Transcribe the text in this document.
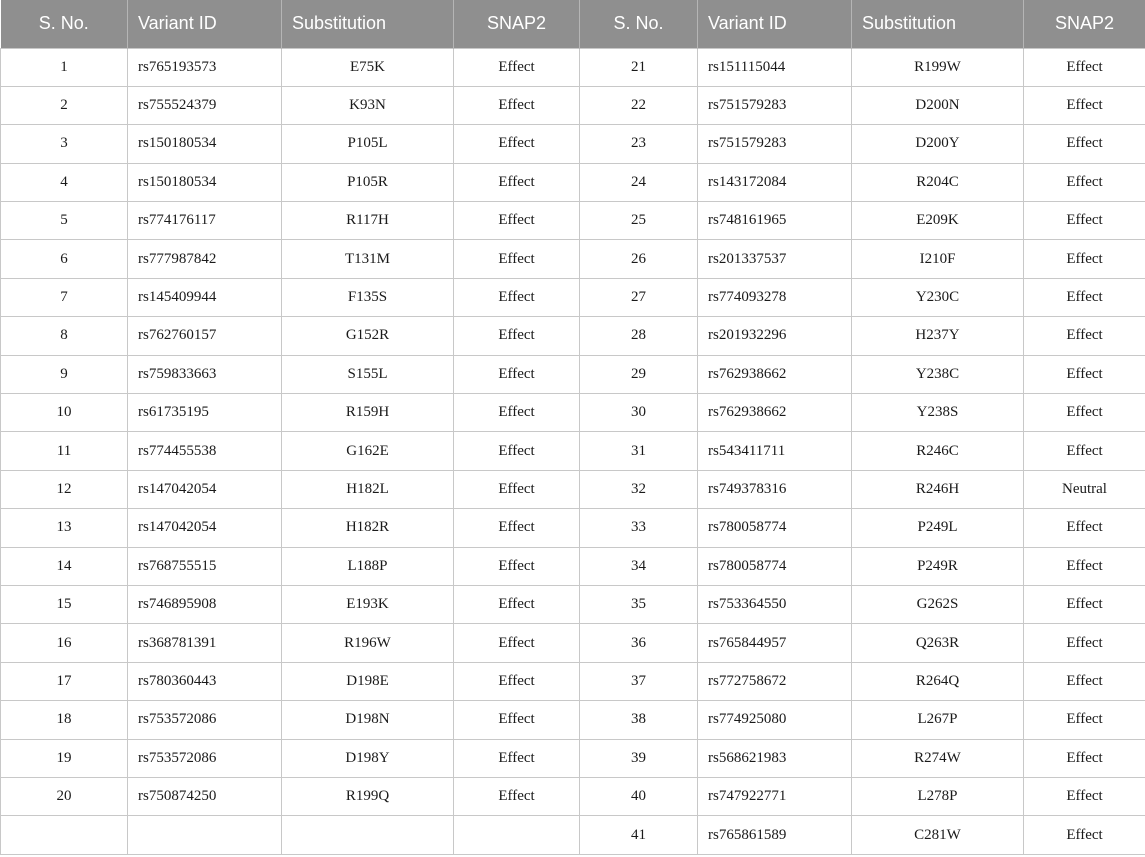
S. No.	Variant ID	Substitution	SNAP2	S. No.	Variant ID	Substitution	SNAP2
1	rs765193573	E75K	Effect	21	rs151115044	R199W	Effect
2	rs755524379	K93N	Effect	22	rs751579283	D200N	Effect
3	rs150180534	P105L	Effect	23	rs751579283	D200Y	Effect
4	rs150180534	P105R	Effect	24	rs143172084	R204C	Effect
5	rs774176117	R117H	Effect	25	rs748161965	E209K	Effect
6	rs777987842	T131M	Effect	26	rs201337537	I210F	Effect
7	rs145409944	F135S	Effect	27	rs774093278	Y230C	Effect
8	rs762760157	G152R	Effect	28	rs201932296	H237Y	Effect
9	rs759833663	S155L	Effect	29	rs762938662	Y238C	Effect
10	rs61735195	R159H	Effect	30	rs762938662	Y238S	Effect
11	rs774455538	G162E	Effect	31	rs543411711	R246C	Effect
12	rs147042054	H182L	Effect	32	rs749378316	R246H	Neutral
13	rs147042054	H182R	Effect	33	rs780058774	P249L	Effect
14	rs768755515	L188P	Effect	34	rs780058774	P249R	Effect
15	rs746895908	E193K	Effect	35	rs753364550	G262S	Effect
16	rs368781391	R196W	Effect	36	rs765844957	Q263R	Effect
17	rs780360443	D198E	Effect	37	rs772758672	R264Q	Effect
18	rs753572086	D198N	Effect	38	rs774925080	L267P	Effect
19	rs753572086	D198Y	Effect	39	rs568621983	R274W	Effect
20	rs750874250	R199Q	Effect	40	rs747922771	L278P	Effect
				41	rs765861589	C281W	Effect
